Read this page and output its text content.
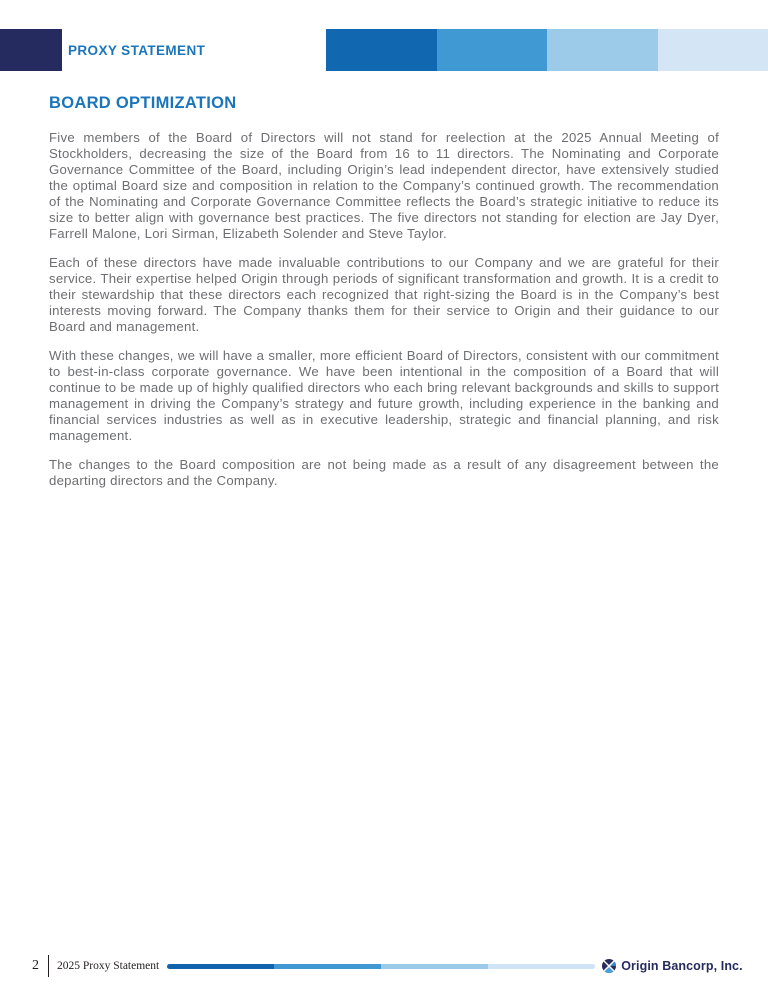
PROXY STATEMENT
BOARD OPTIMIZATION

Five members of the Board of Directors will not stand for reelection at the 2025 Annual Meeting of Stockholders, decreasing the size of the Board from 16 to 11 directors. The Nominating and Corporate Governance Committee of the Board, including Origin’s lead independent director, have extensively studied the optimal Board size and composition in relation to the Company’s continued growth. The recommendation of the Nominating and Corporate Governance Committee reflects the Board’s strategic initiative to reduce its size to better align with governance best practices. The five directors not standing for election are Jay Dyer, Farrell Malone, Lori Sirman, Elizabeth Solender and Steve Taylor.

Each of these directors have made invaluable contributions to our Company and we are grateful for their service. Their expertise helped Origin through periods of significant transformation and growth. It is a credit to their stewardship that these directors each recognized that right-sizing the Board is in the Company’s best interests moving forward. The Company thanks them for their service to Origin and their guidance to our Board and management.

With these changes, we will have a smaller, more efficient Board of Directors, consistent with our commitment to best-in-class corporate governance. We have been intentional in the composition of a Board that will continue to be made up of highly qualified directors who each bring relevant backgrounds and skills to support management in driving the Company’s strategy and future growth, including experience in the banking and financial services industries as well as in executive leadership, strategic and financial planning, and risk management.

The changes to the Board composition are not being made as a result of any disagreement between the departing directors and the Company.

2 2025 Proxy Statement	Origin Bancorp, Inc.
